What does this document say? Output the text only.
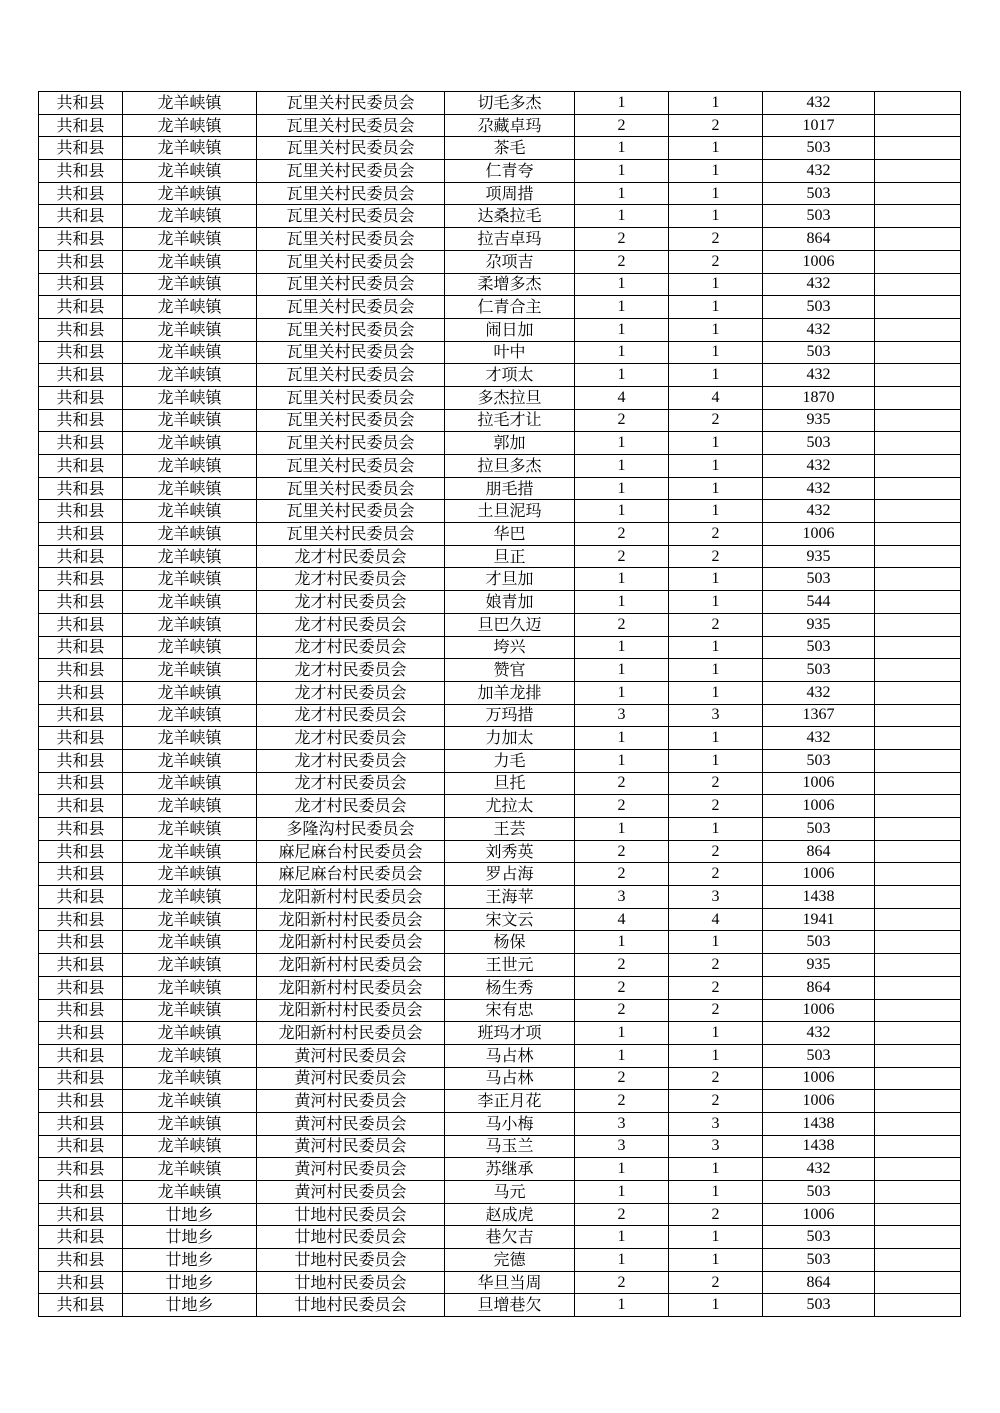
共和县	龙羊峡镇	瓦里关村民委员会	切毛多杰	1	1	432	
共和县	龙羊峡镇	瓦里关村民委员会	尕藏卓玛	2	2	1017	
共和县	龙羊峡镇	瓦里关村民委员会	茶毛	1	1	503	
共和县	龙羊峡镇	瓦里关村民委员会	仁青夸	1	1	432	
共和县	龙羊峡镇	瓦里关村民委员会	项周措	1	1	503	
共和县	龙羊峡镇	瓦里关村民委员会	达桑拉毛	1	1	503	
共和县	龙羊峡镇	瓦里关村民委员会	拉吉卓玛	2	2	864	
共和县	龙羊峡镇	瓦里关村民委员会	尕项吉	2	2	1006	
共和县	龙羊峡镇	瓦里关村民委员会	柔增多杰	1	1	432	
共和县	龙羊峡镇	瓦里关村民委员会	仁青合主	1	1	503	
共和县	龙羊峡镇	瓦里关村民委员会	闹日加	1	1	432	
共和县	龙羊峡镇	瓦里关村民委员会	叶中	1	1	503	
共和县	龙羊峡镇	瓦里关村民委员会	才项太	1	1	432	
共和县	龙羊峡镇	瓦里关村民委员会	多杰拉旦	4	4	1870	
共和县	龙羊峡镇	瓦里关村民委员会	拉毛才让	2	2	935	
共和县	龙羊峡镇	瓦里关村民委员会	郭加	1	1	503	
共和县	龙羊峡镇	瓦里关村民委员会	拉旦多杰	1	1	432	
共和县	龙羊峡镇	瓦里关村民委员会	朋毛措	1	1	432	
共和县	龙羊峡镇	瓦里关村民委员会	土旦泥玛	1	1	432	
共和县	龙羊峡镇	瓦里关村民委员会	华巴	2	2	1006	
共和县	龙羊峡镇	龙才村民委员会	旦正	2	2	935	
共和县	龙羊峡镇	龙才村民委员会	才旦加	1	1	503	
共和县	龙羊峡镇	龙才村民委员会	娘青加	1	1	544	
共和县	龙羊峡镇	龙才村民委员会	旦巴久迈	2	2	935	
共和县	龙羊峡镇	龙才村民委员会	垮兴	1	1	503	
共和县	龙羊峡镇	龙才村民委员会	赞官	1	1	503	
共和县	龙羊峡镇	龙才村民委员会	加羊龙排	1	1	432	
共和县	龙羊峡镇	龙才村民委员会	万玛措	3	3	1367	
共和县	龙羊峡镇	龙才村民委员会	力加太	1	1	432	
共和县	龙羊峡镇	龙才村民委员会	力毛	1	1	503	
共和县	龙羊峡镇	龙才村民委员会	旦托	2	2	1006	
共和县	龙羊峡镇	龙才村民委员会	尤拉太	2	2	1006	
共和县	龙羊峡镇	多隆沟村民委员会	王芸	1	1	503	
共和县	龙羊峡镇	麻尼麻台村民委员会	刘秀英	2	2	864	
共和县	龙羊峡镇	麻尼麻台村民委员会	罗占海	2	2	1006	
共和县	龙羊峡镇	龙阳新村村民委员会	王海苹	3	3	1438	
共和县	龙羊峡镇	龙阳新村村民委员会	宋文云	4	4	1941	
共和县	龙羊峡镇	龙阳新村村民委员会	杨保	1	1	503	
共和县	龙羊峡镇	龙阳新村村民委员会	王世元	2	2	935	
共和县	龙羊峡镇	龙阳新村村民委员会	杨生秀	2	2	864	
共和县	龙羊峡镇	龙阳新村村民委员会	宋有忠	2	2	1006	
共和县	龙羊峡镇	龙阳新村村民委员会	班玛才项	1	1	432	
共和县	龙羊峡镇	黄河村民委员会	马占林	1	1	503	
共和县	龙羊峡镇	黄河村民委员会	马占林	2	2	1006	
共和县	龙羊峡镇	黄河村民委员会	李正月花	2	2	1006	
共和县	龙羊峡镇	黄河村民委员会	马小梅	3	3	1438	
共和县	龙羊峡镇	黄河村民委员会	马玉兰	3	3	1438	
共和县	龙羊峡镇	黄河村民委员会	苏继承	1	1	432	
共和县	龙羊峡镇	黄河村民委员会	马元	1	1	503	
共和县	廿地乡	廿地村民委员会	赵成虎	2	2	1006	
共和县	廿地乡	廿地村民委员会	巷欠吉	1	1	503	
共和县	廿地乡	廿地村民委员会	完德	1	1	503	
共和县	廿地乡	廿地村民委员会	华旦当周	2	2	864	
共和县	廿地乡	廿地村民委员会	旦增巷欠	1	1	503	
